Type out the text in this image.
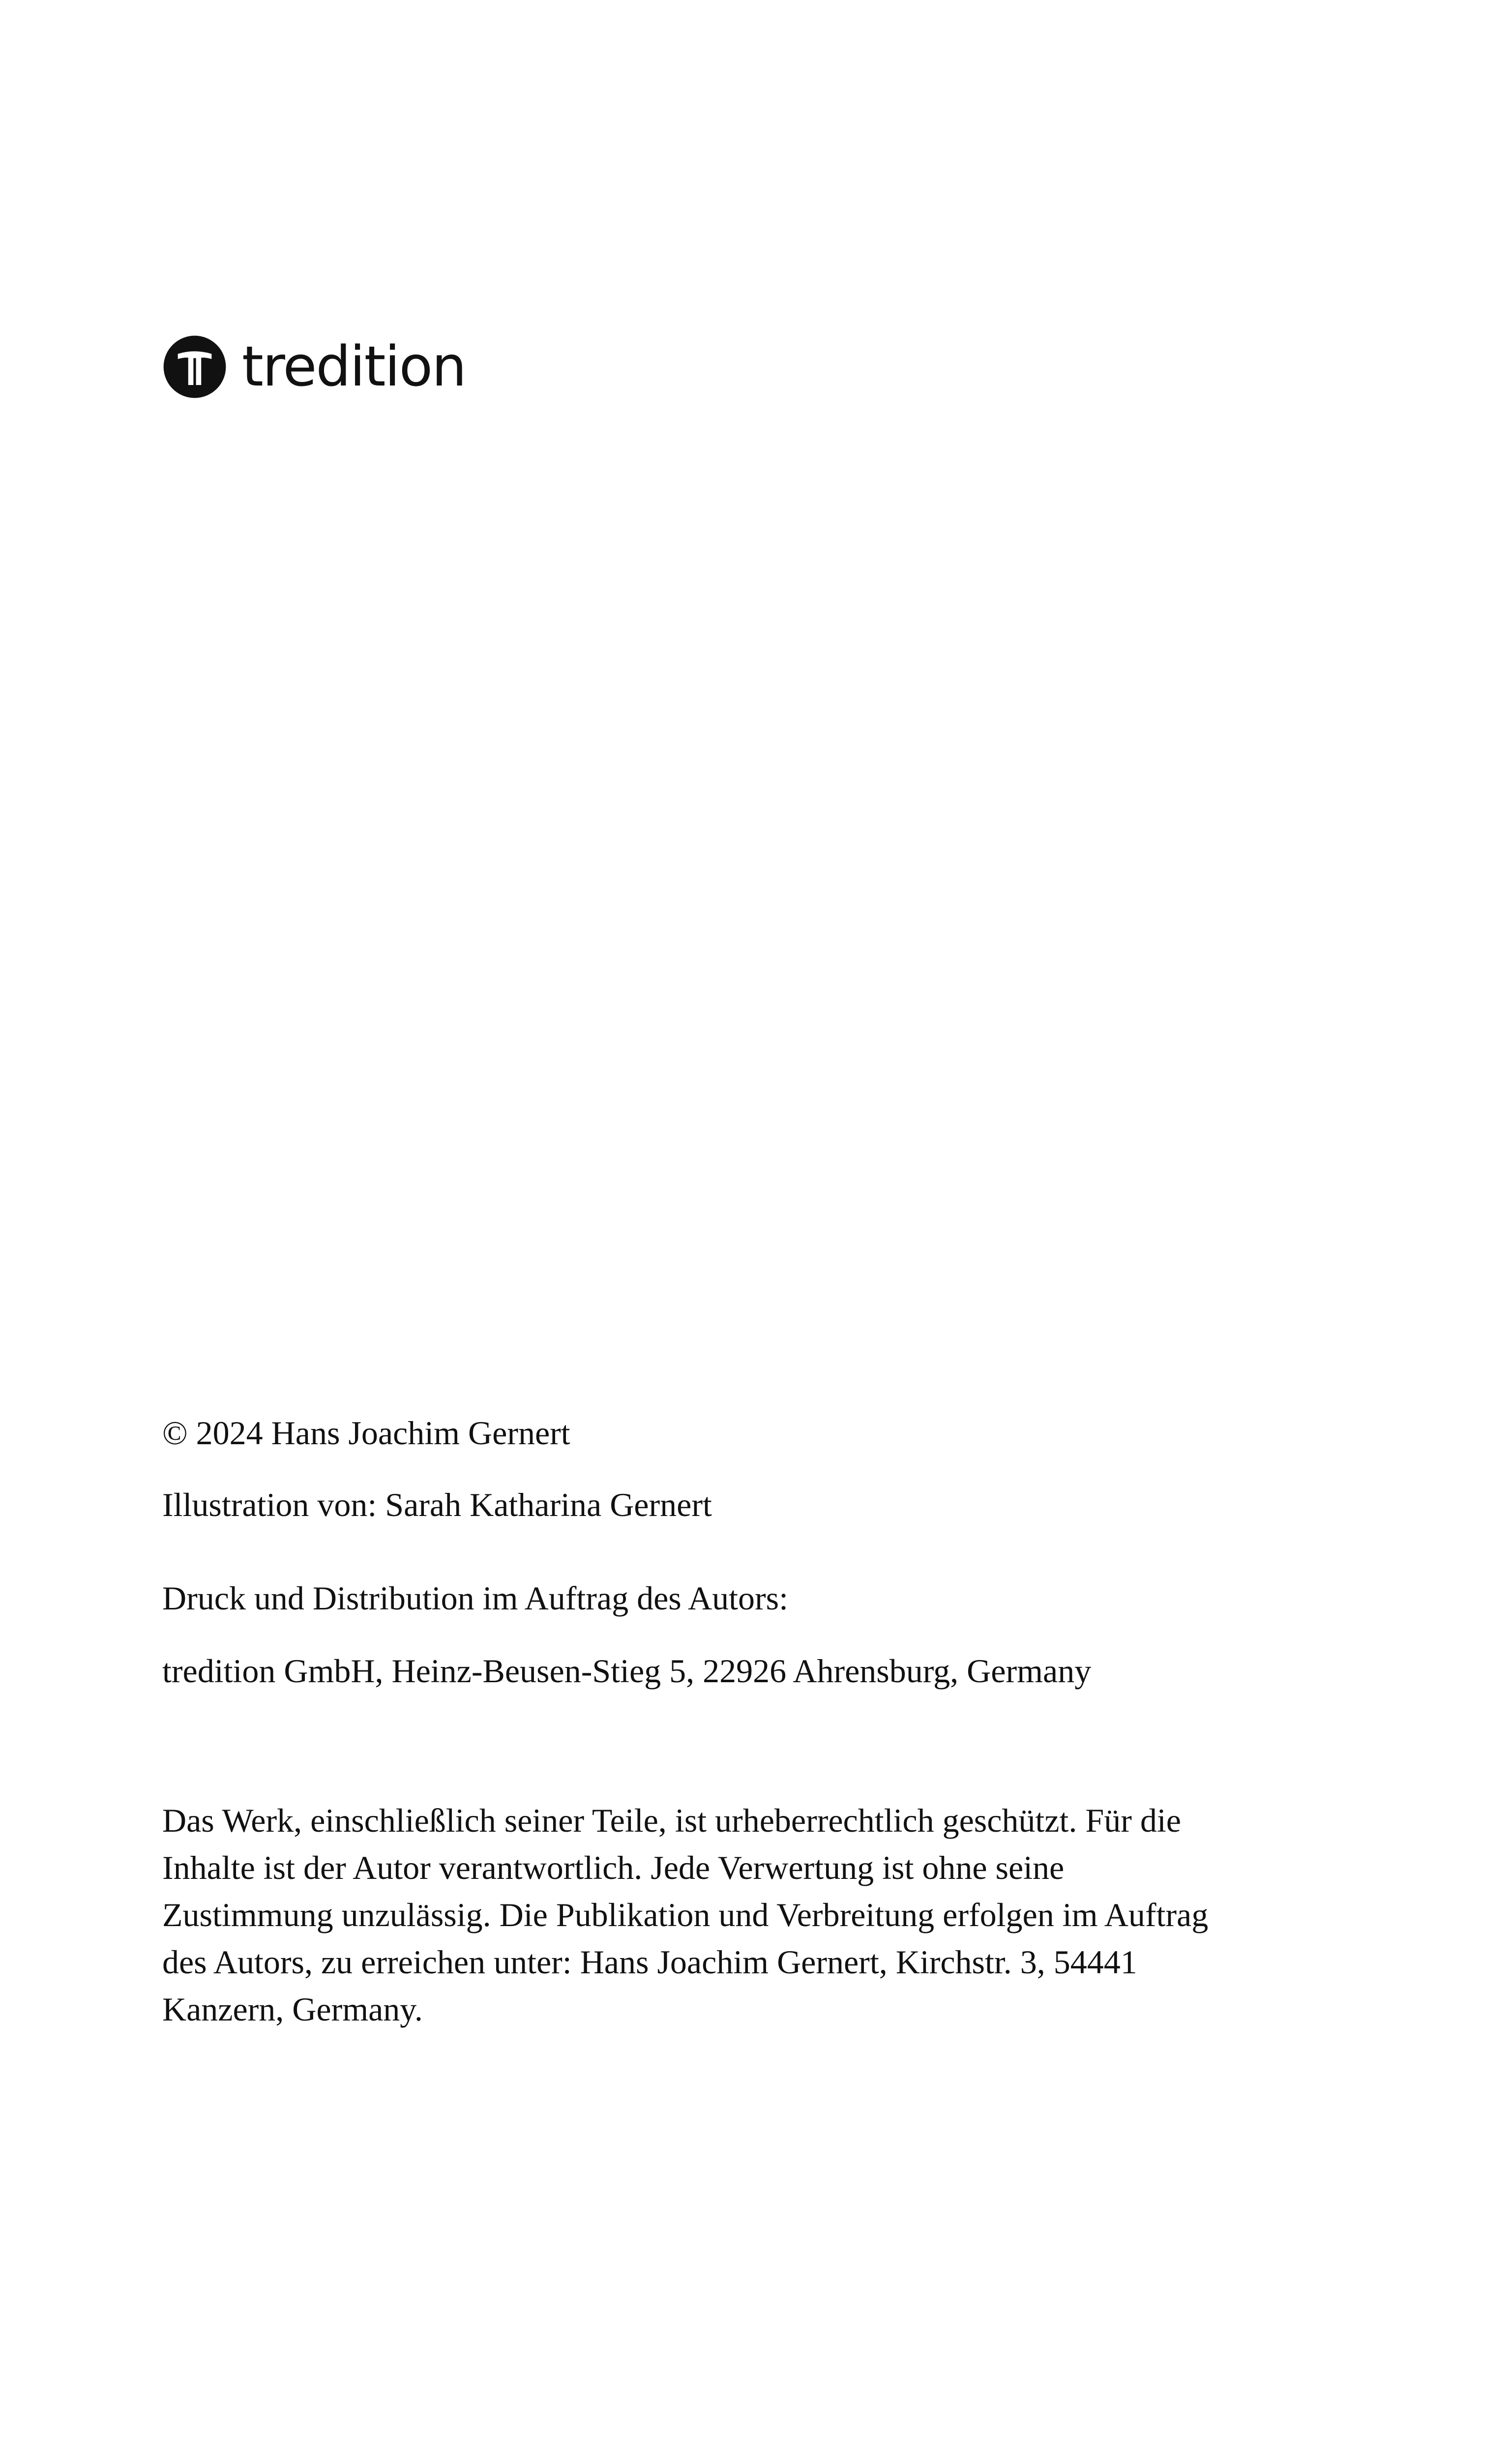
tredition
© 2024 Hans Joachim Gernert
Illustration von: Sarah Katharina Gernert
Druck und Distribution im Auftrag des Autors:
tredition GmbH, Heinz-Beusen-Stieg 5, 22926 Ahrensburg, Germany
Das Werk, einschließlich seiner Teile, ist urheberrechtlich geschützt. Für die
Inhalte ist der Autor verantwortlich. Jede Verwertung ist ohne seine
Zustimmung unzulässig. Die Publikation und Verbreitung erfolgen im Auftrag
des Autors, zu erreichen unter: Hans Joachim Gernert, Kirchstr. 3, 54441
Kanzern, Germany.
